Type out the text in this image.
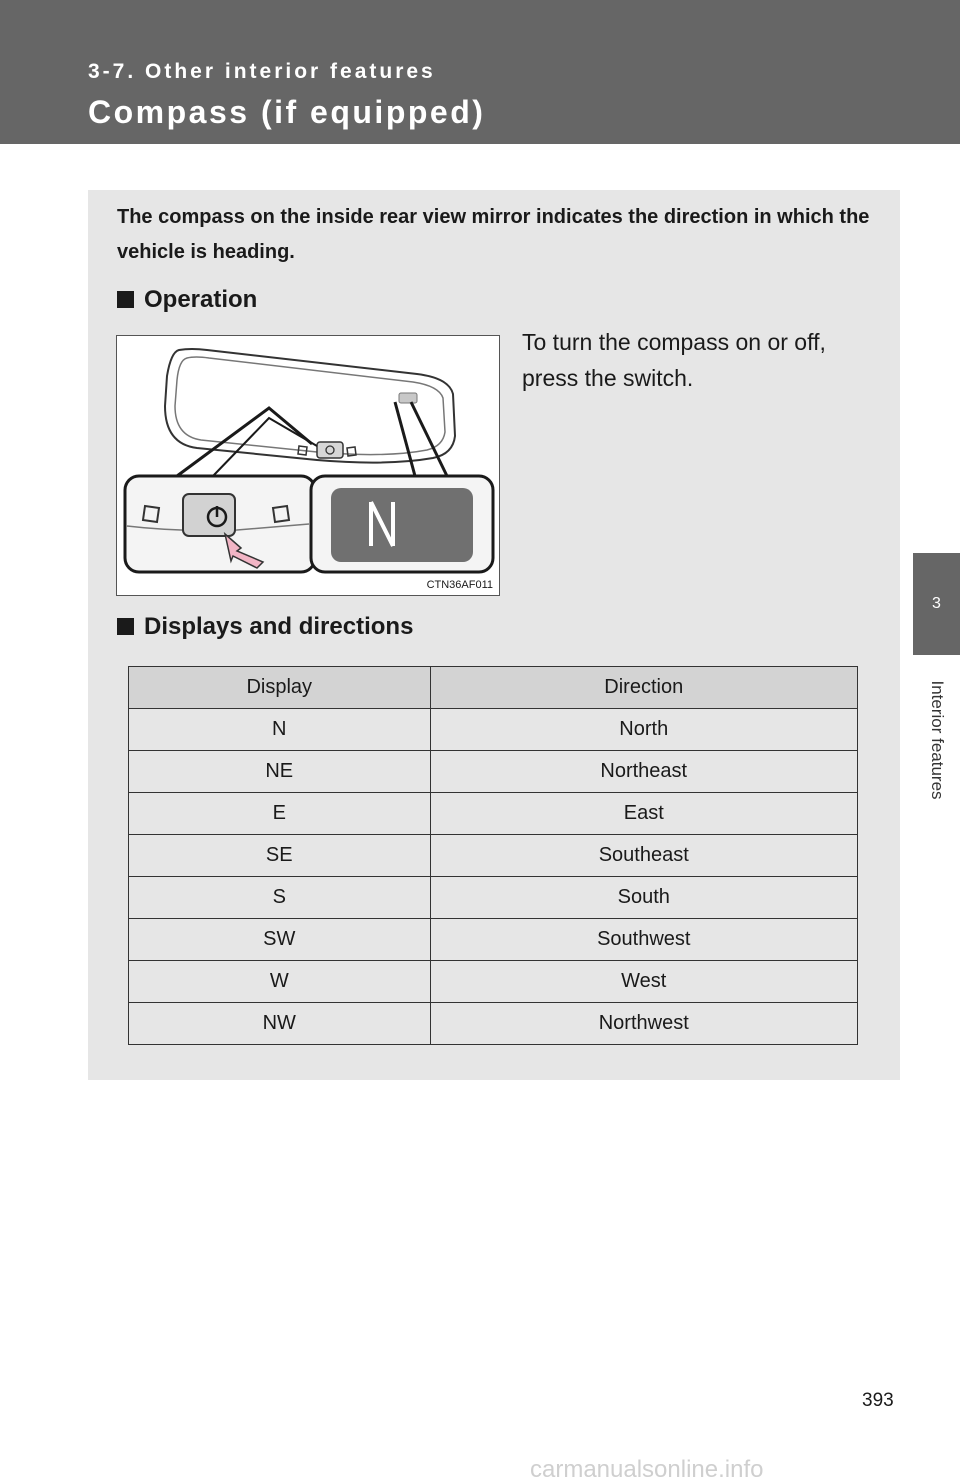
3-7. Other interior features
Compass (if equipped)
3
Interior features
The compass on the inside rear view mirror indicates the direction in which the vehicle is heading.
Operation
CTN36AF011
To turn the compass on or off, press the switch.
Displays and directions
Display	Direction
N	North
NE	Northeast
E	East
SE	Southeast
S	South
SW	Southwest
W	West
NW	Northwest
393
carmanualsonline.info
